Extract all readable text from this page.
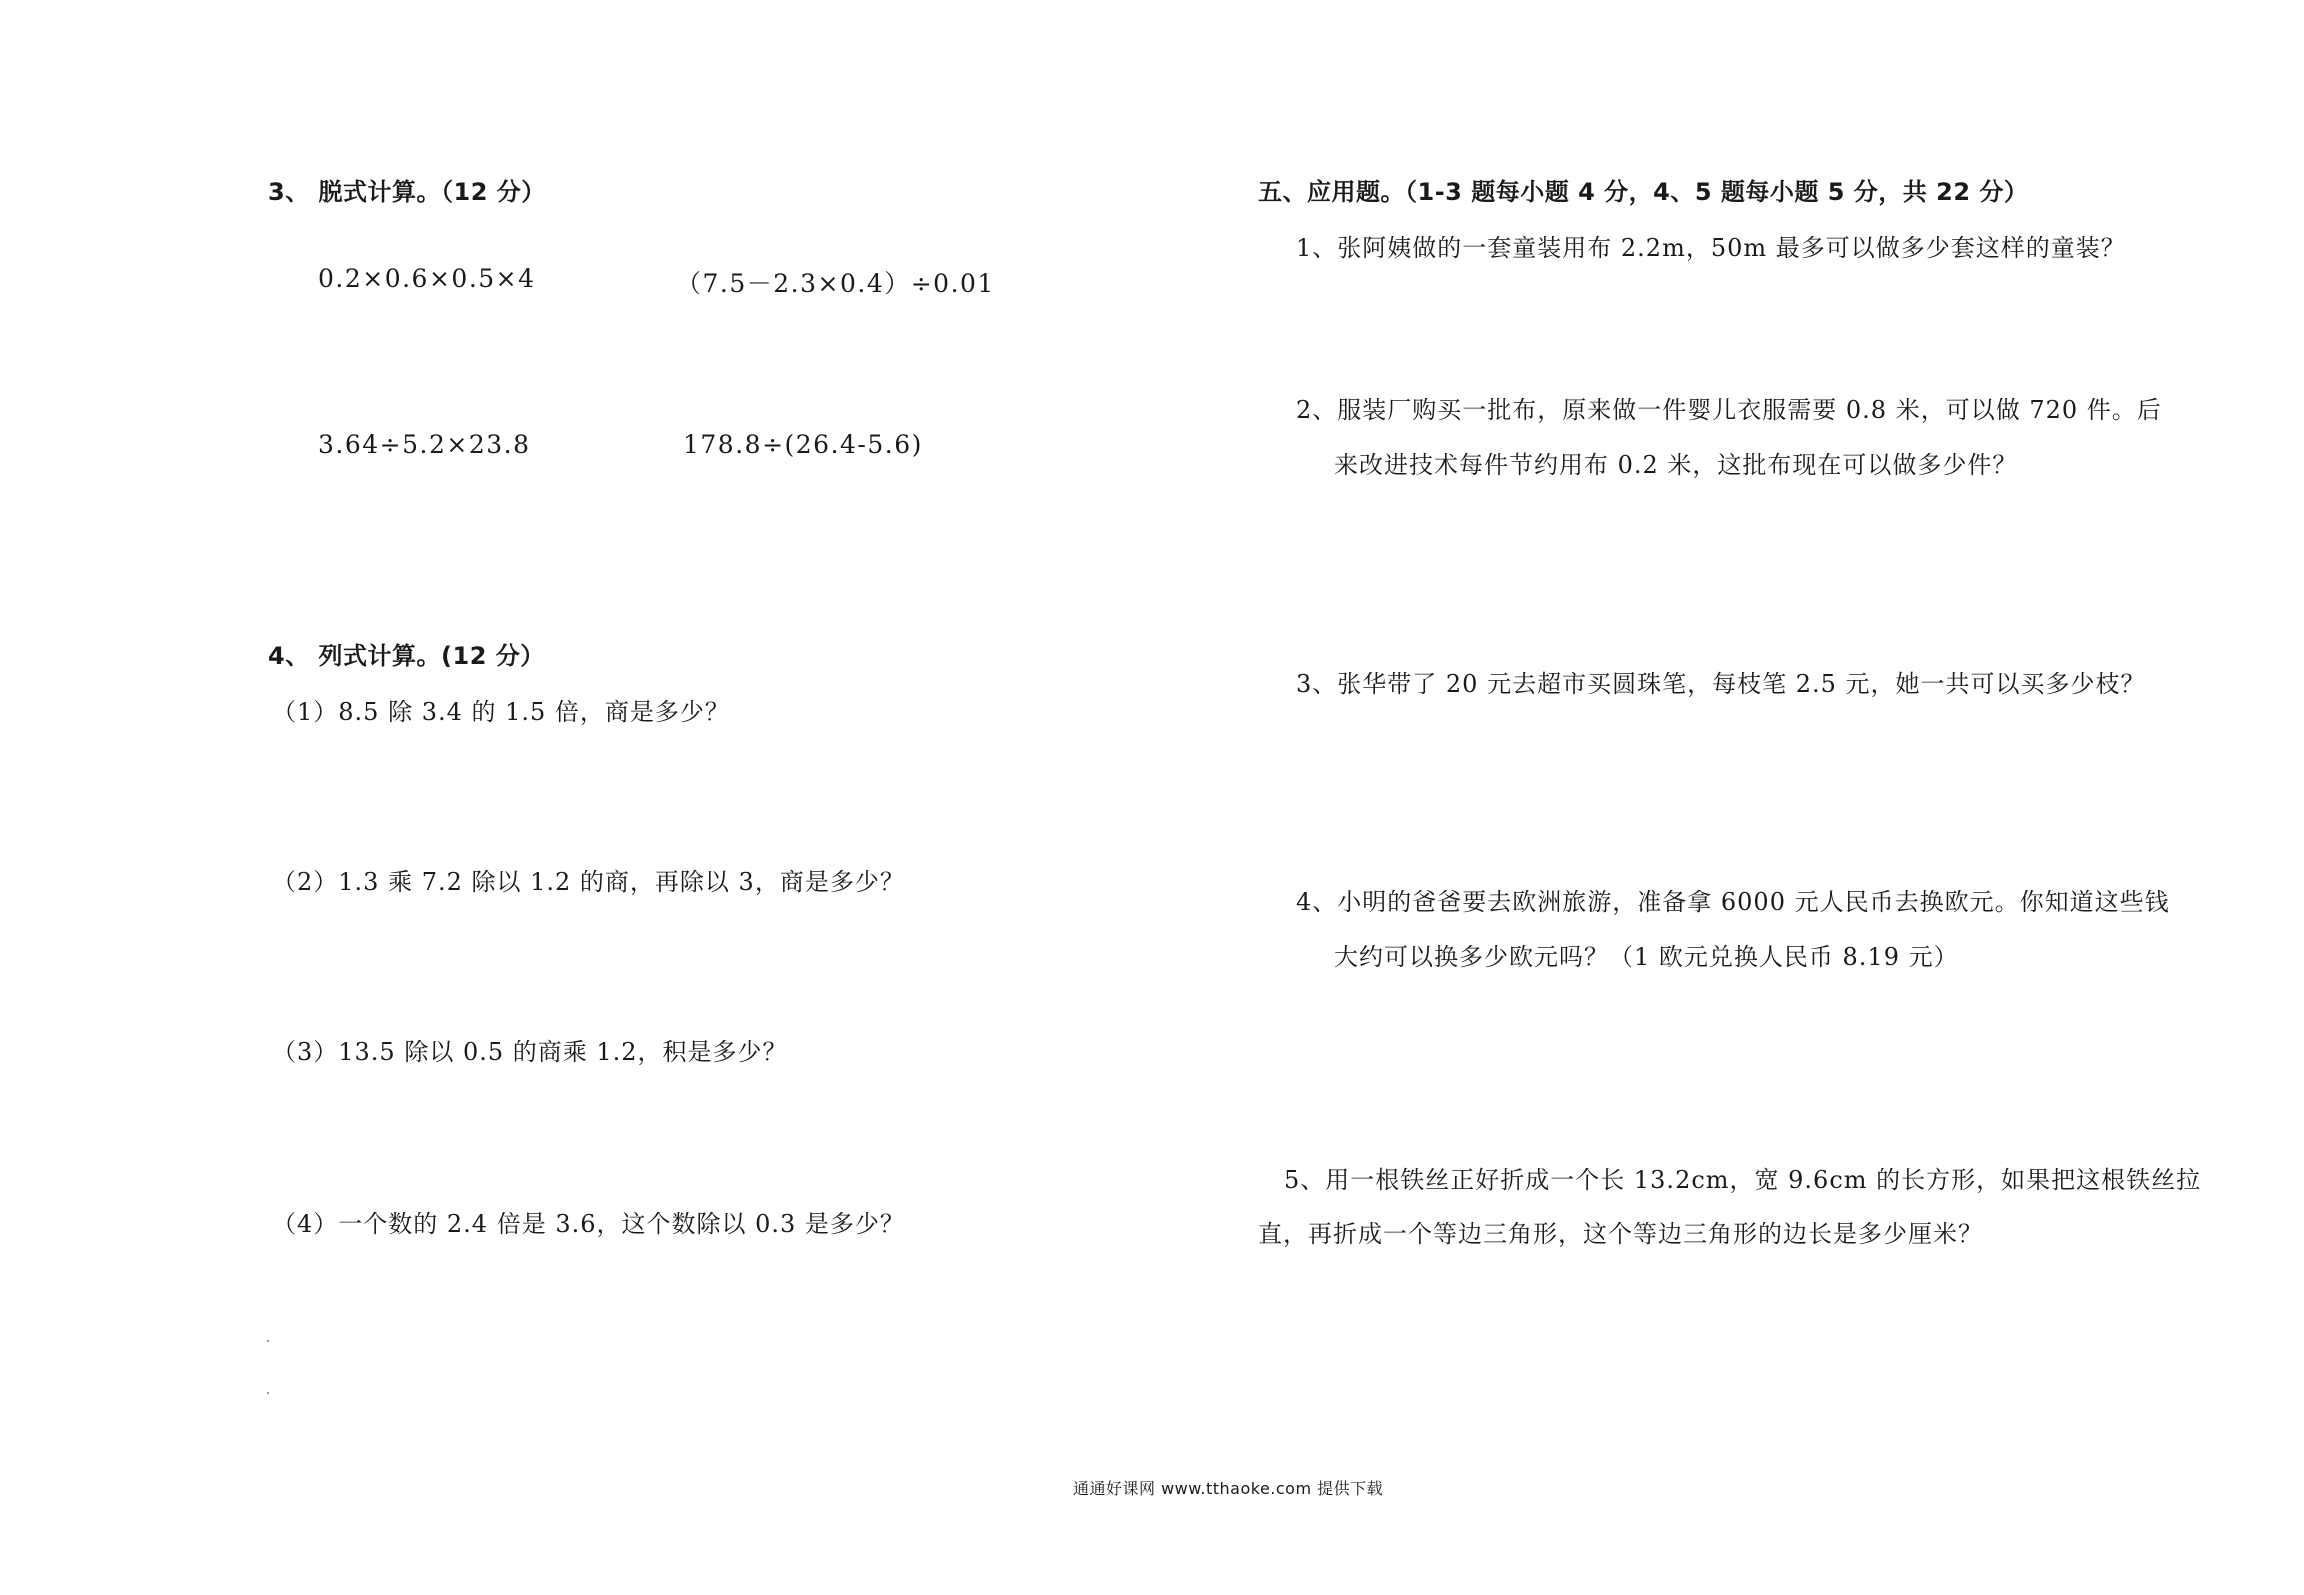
3、 脱式计算。（12 分）
0.2×0.6×0.5×4	（7.5－2.3×0.4）÷0.01
3.64÷5.2×23.8	178.8÷(26.4-5.6)
4、 列式计算。(12 分）
（1）8.5 除 3.4 的 1.5 倍，商是多少？
（2）1.3 乘 7.2 除以 1.2 的商，再除以 3，商是多少？
（3）13.5 除以 0.5 的商乘 1.2，积是多少？
（4）一个数的 2.4 倍是 3.6，这个数除以 0.3 是多少？
五、应用题。（1-3 题每小题 4 分，4、5 题每小题 5 分，共 22 分）
1、张阿姨做的一套童装用布 2.2m，50m 最多可以做多少套这样的童装？
2、服装厂购买一批布，原来做一件婴儿衣服需要 0.8 米，可以做 720 件。后
来改进技术每件节约用布 0.2 米，这批布现在可以做多少件？
3、张华带了 20 元去超市买圆珠笔，每枝笔 2.5 元，她一共可以买多少枝？
4、小明的爸爸要去欧洲旅游，准备拿 6000 元人民币去换欧元。你知道这些钱
大约可以换多少欧元吗？（1 欧元兑换人民币 8.19 元）
5、用一根铁丝正好折成一个长 13.2cm，宽 9.6cm 的长方形，如果把这根铁丝拉
直，再折成一个等边三角形，这个等边三角形的边长是多少厘米？
通通好课网 www.tthaoke.com 提供下载
